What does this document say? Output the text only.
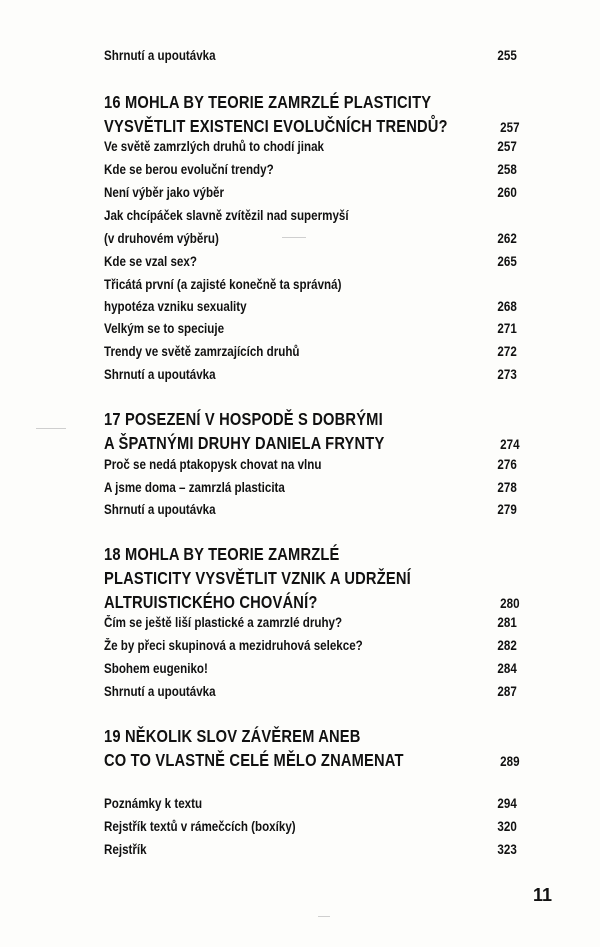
Shrnutí a upoutávka	255
16 MOHLA BY TEORIE ZAMRZLÉ PLASTICITY
VYSVĚTLIT EXISTENCI EVOLUČNÍCH TRENDŮ?	257
Ve světě zamrzlých druhů to chodí jinak	257
Kde se berou evoluční trendy?	258
Není výběr jako výběr	260
Jak chcípáček slavně zvítězil nad supermyší
(v druhovém výběru)	262
Kde se vzal sex?	265
Třicátá první (a zajisté konečně ta správná)
hypotéza vzniku sexuality	268
Velkým se to speciuje	271
Trendy ve světě zamrzajících druhů	272
Shrnutí a upoutávka	273
17 POSEZENÍ V HOSPODĚ S DOBRÝMI
A ŠPATNÝMI DRUHY DANIELA FRYNTY	274
Proč se nedá ptakopysk chovat na vlnu	276
A jsme doma – zamrzlá plasticita	278
Shrnutí a upoutávka	279
18 MOHLA BY TEORIE ZAMRZLÉ
PLASTICITY VYSVĚTLIT VZNIK A UDRŽENÍ
ALTRUISTICKÉHO CHOVÁNÍ?	280
Čím se ještě liší plastické a zamrzlé druhy?	281
Že by přeci skupinová a mezidruhová selekce?	282
Sbohem eugeniko!	284
Shrnutí a upoutávka	287
19 NĚKOLIK SLOV ZÁVĚREM ANEB
CO TO VLASTNĚ CELÉ MĚLO ZNAMENAT	289
Poznámky k textu	294
Rejstřík textů v rámečcích (boxíky)	320
Rejstřík	323
11
